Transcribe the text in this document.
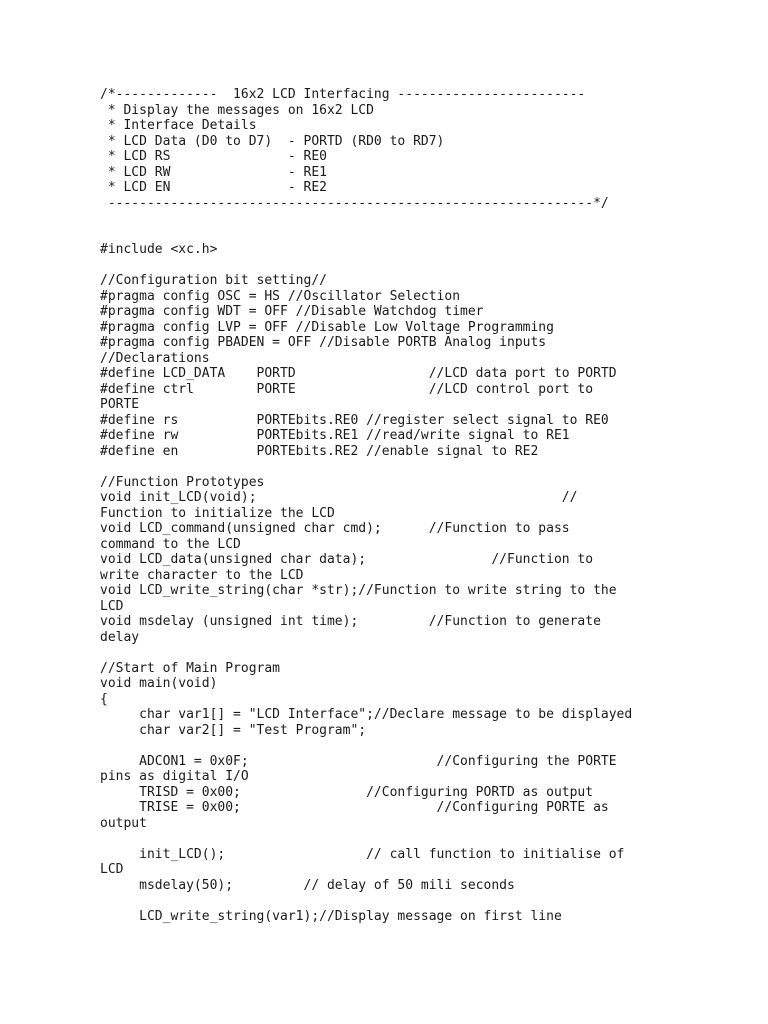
/*-------------  16x2 LCD Interfacing ------------------------
* Display the messages on 16x2 LCD
* Interface Details
* LCD Data (D0 to D7)  - PORTD (RD0 to RD7)
* LCD RS               - RE0
* LCD RW               - RE1
* LCD EN               - RE2
--------------------------------------------------------------*/
#include <xc.h>
//Configuration bit setting//
#pragma config OSC = HS //Oscillator Selection
#pragma config WDT = OFF //Disable Watchdog timer
#pragma config LVP = OFF //Disable Low Voltage Programming
#pragma config PBADEN = OFF //Disable PORTB Analog inputs
//Declarations
#define LCD_DATA    PORTD                 //LCD data port to PORTD
#define ctrl        PORTE                 //LCD control port to
PORTE
#define rs          PORTEbits.RE0 //register select signal to RE0
#define rw          PORTEbits.RE1 //read/write signal to RE1
#define en          PORTEbits.RE2 //enable signal to RE2
//Function Prototypes
void init_LCD(void);                                       //
Function to initialize the LCD
void LCD_command(unsigned char cmd);      //Function to pass
command to the LCD
void LCD_data(unsigned char data);                //Function to
write character to the LCD
void LCD_write_string(char *str);//Function to write string to the
LCD
void msdelay (unsigned int time);         //Function to generate
delay
//Start of Main Program
void main(void)
{
char var1[] = "LCD Interface";//Declare message to be displayed
char var2[] = "Test Program";
ADCON1 = 0x0F;                        //Configuring the PORTE
pins as digital I/O
TRISD = 0x00;                //Configuring PORTD as output
TRISE = 0x00;                         //Configuring PORTE as
output
init_LCD();                  // call function to initialise of
LCD
msdelay(50);         // delay of 50 mili seconds
LCD_write_string(var1);//Display message on first line
